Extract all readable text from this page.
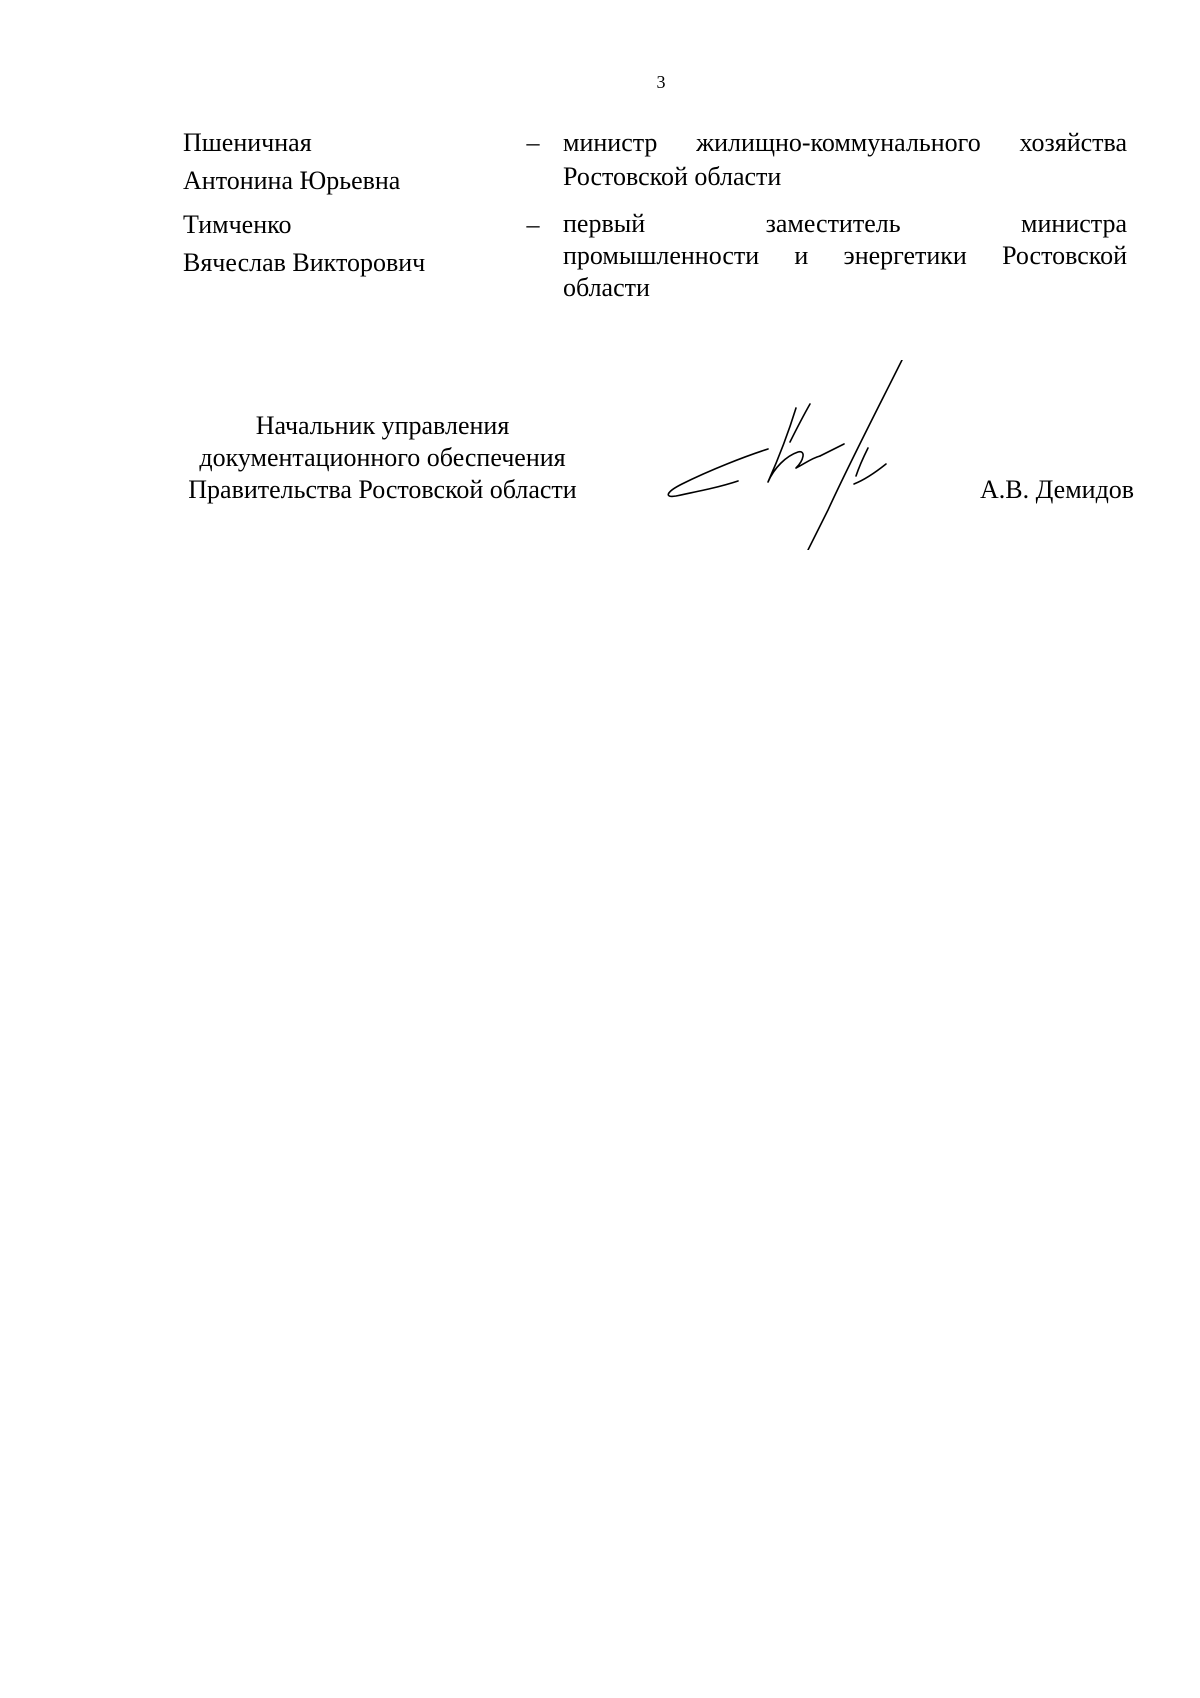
3
Пшеничная
Антонина Юрьевна
– министр жилищно-коммунального хозяйства
Ростовской области
Тимченко
Вячеслав Викторович
– первый заместитель министра
промышленности и энергетики Ростовской
области
Начальник управления
документационного обеспечения
Правительства Ростовской области	А.В. Демидов
